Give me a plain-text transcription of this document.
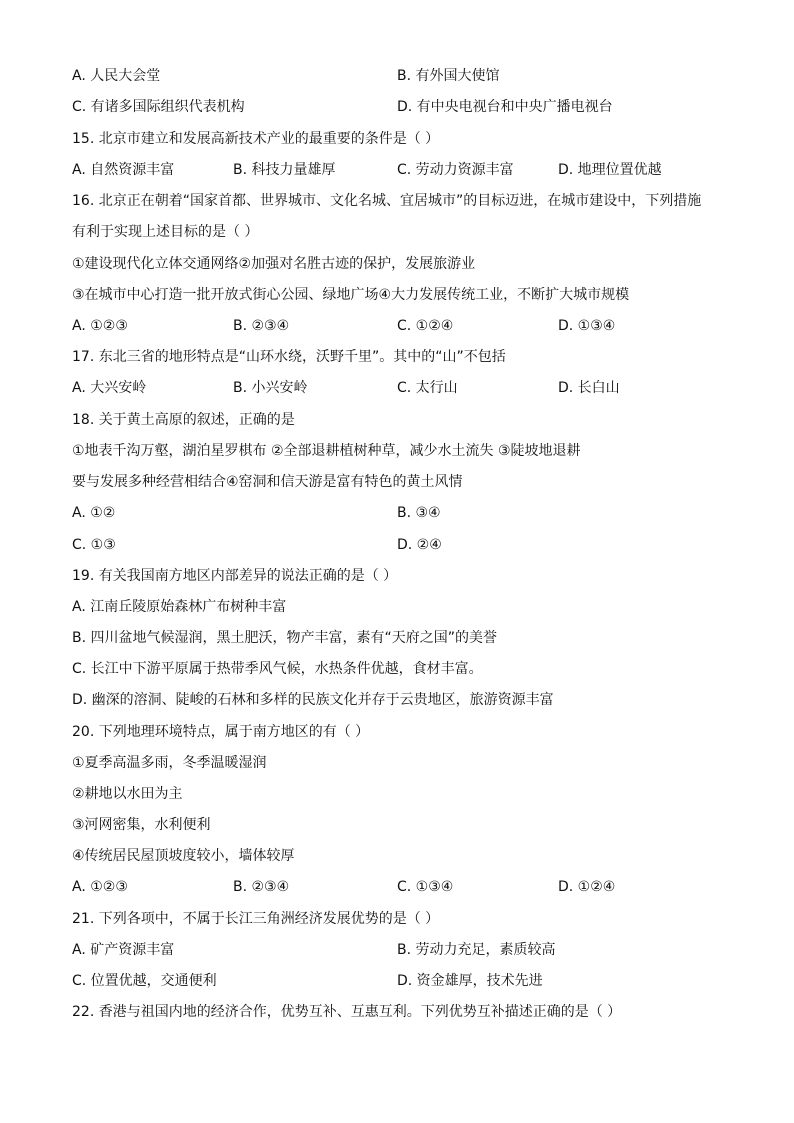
A. 人民大会堂	B. 有外国大使馆
C. 有诸多国际组织代表机构	D. 有中央电视台和中央广播电视台
15. 北京市建立和发展高新技术产业的最重要的条件是（ ）
A. 自然资源丰富	B. 科技力量雄厚	C. 劳动力资源丰富	D. 地理位置优越
16. 北京正在朝着“国家首都、世界城市、文化名城、宜居城市”的目标迈进，在城市建设中，下列措施
有利于实现上述目标的是（ ）
①建设现代化立体交通网络②加强对名胜古迹的保护，发展旅游业
③在城市中心打造一批开放式街心公园、绿地广场④大力发展传统工业，不断扩大城市规模
A. ①②③	B. ②③④	C. ①②④	D. ①③④
17. 东北三省的地形特点是“山环水绕，沃野千里”。其中的“山”不包括
A. 大兴安岭	B. 小兴安岭	C. 太行山	D. 长白山
18. 关于黄土高原的叙述，正确的是
①地表千沟万壑，湖泊星罗棋布 ②全部退耕植树种草，减少水土流失 ③陡坡地退耕
要与发展多种经营相结合④窑洞和信天游是富有特色的黄土风情
A. ①②	B. ③④
C. ①③	D. ②④
19. 有关我国南方地区内部差异的说法正确的是（ ）
A. 江南丘陵原始森林广布树种丰富
B. 四川盆地气候湿润，黑土肥沃，物产丰富，素有“天府之国”的美誉
C. 长江中下游平原属于热带季风气候，水热条件优越，食材丰富。
D. 幽深的溶洞、陡峻的石林和多样的民族文化并存于云贵地区，旅游资源丰富
20. 下列地理环境特点，属于南方地区的有（ ）
①夏季高温多雨，冬季温暖湿润
②耕地以水田为主
③河网密集，水利便利
④传统居民屋顶坡度较小，墙体较厚
A. ①②③	B. ②③④	C. ①③④	D. ①②④
21. 下列各项中，不属于长江三角洲经济发展优势的是（ ）
A. 矿产资源丰富	B. 劳动力充足，素质较高
C. 位置优越，交通便利	D. 资金雄厚，技术先进
22. 香港与祖国内地的经济合作，优势互补、互惠互利。下列优势互补描述正确的是（ ）
